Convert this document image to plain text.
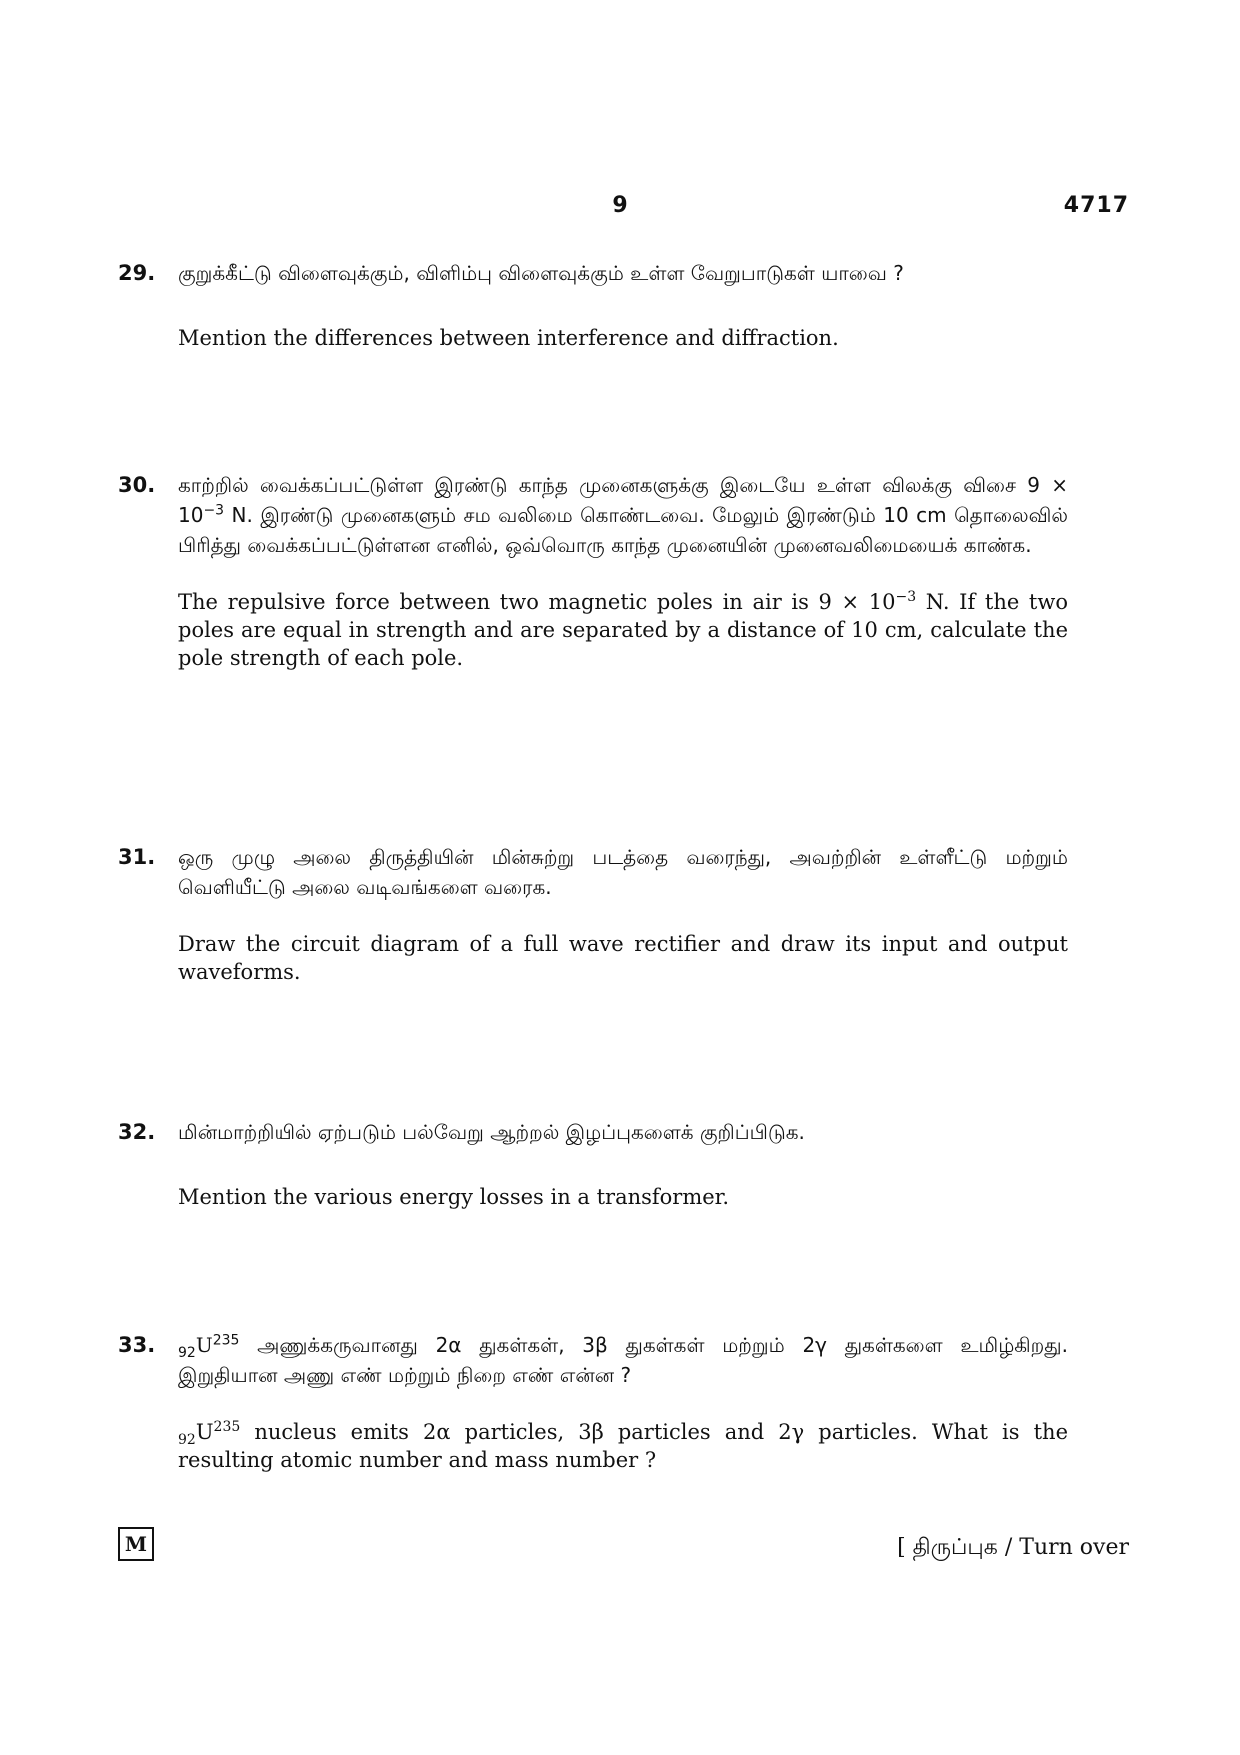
9	4717
29. குறுக்கீட்டு விளைவுக்கும், விளிம்பு விளைவுக்கும் உள்ள வேறுபாடுகள் யாவை ?
Mention the differences between interference and diffraction.
30. காற்றில் வைக்கப்பட்டுள்ள இரண்டு காந்த முனைகளுக்கு இடையே உள்ள விலக்கு விசை $9 \times 10^{-3}$ N. இரண்டு முனைகளும் சம வலிமை கொண்டவை. மேலும் இரண்டும் 10 cm தொலைவில் பிரித்து வைக்கப்பட்டுள்ளன எனில், ஒவ்வொரு காந்த முனையின் முனைவலிமையைக் காண்க.
The repulsive force between two magnetic poles in air is $9 \times 10^{-3}$ N. If the two poles are equal in strength and are separated by a distance of 10 cm, calculate the pole strength of each pole.
31. ஒரு முழு அலை திருத்தியின் மின்சுற்று படத்தை வரைந்து, அவற்றின் உள்ளீட்டு மற்றும் வெளியீட்டு அலை வடிவங்களை வரைக.
Draw the circuit diagram of a full wave rectifier and draw its input and output waveforms.
32. மின்மாற்றியில் ஏற்படும் பல்வேறு ஆற்றல் இழப்புகளைக் குறிப்பிடுக.
Mention the various energy losses in a transformer.
33. $_{92}U^{235}$ அணுக்கருவானது 2α துகள்கள், 3β துகள்கள் மற்றும் 2γ துகள்களை உமிழ்கிறது. இறுதியான அணு எண் மற்றும் நிறை எண் என்ன ?
$_{92}U^{235}$ nucleus emits 2α particles, 3β particles and 2γ particles. What is the resulting atomic number and mass number ?
M	[ திருப்புக / Turn over
